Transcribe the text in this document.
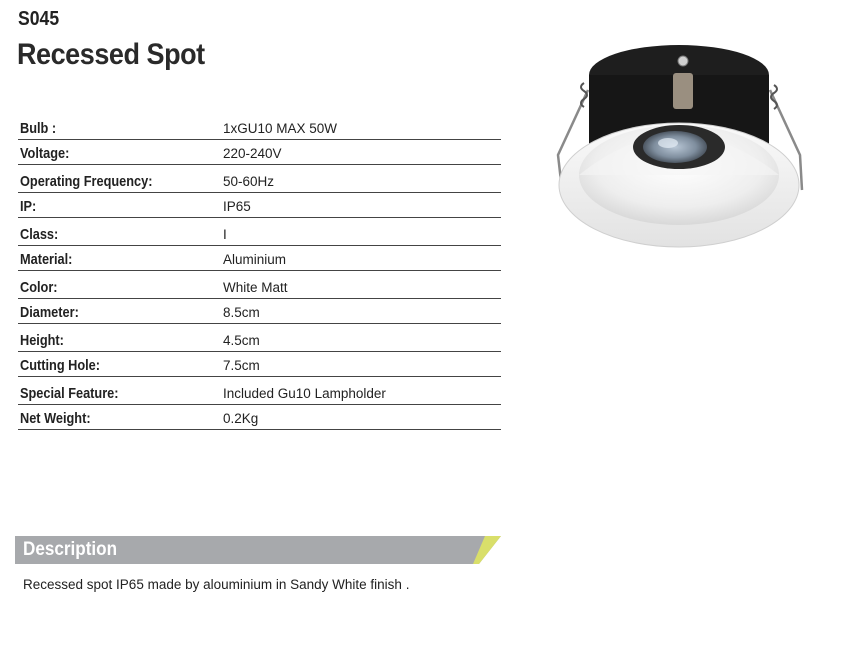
S045
Recessed Spot
Bulb :	1xGU10 MAX 50W
Voltage:	220-240V
Operating Frequency:	50-60Hz
IP:	IP65
Class:	I
Material:	Aluminium
Color:	White Matt
Diameter:	8.5cm
Height:	4.5cm
Cutting Hole:	7.5cm
Special Feature:	Included Gu10 Lampholder
Net Weight:	0.2Kg
Description
Recessed spot IP65 made by alouminium in Sandy White finish .
